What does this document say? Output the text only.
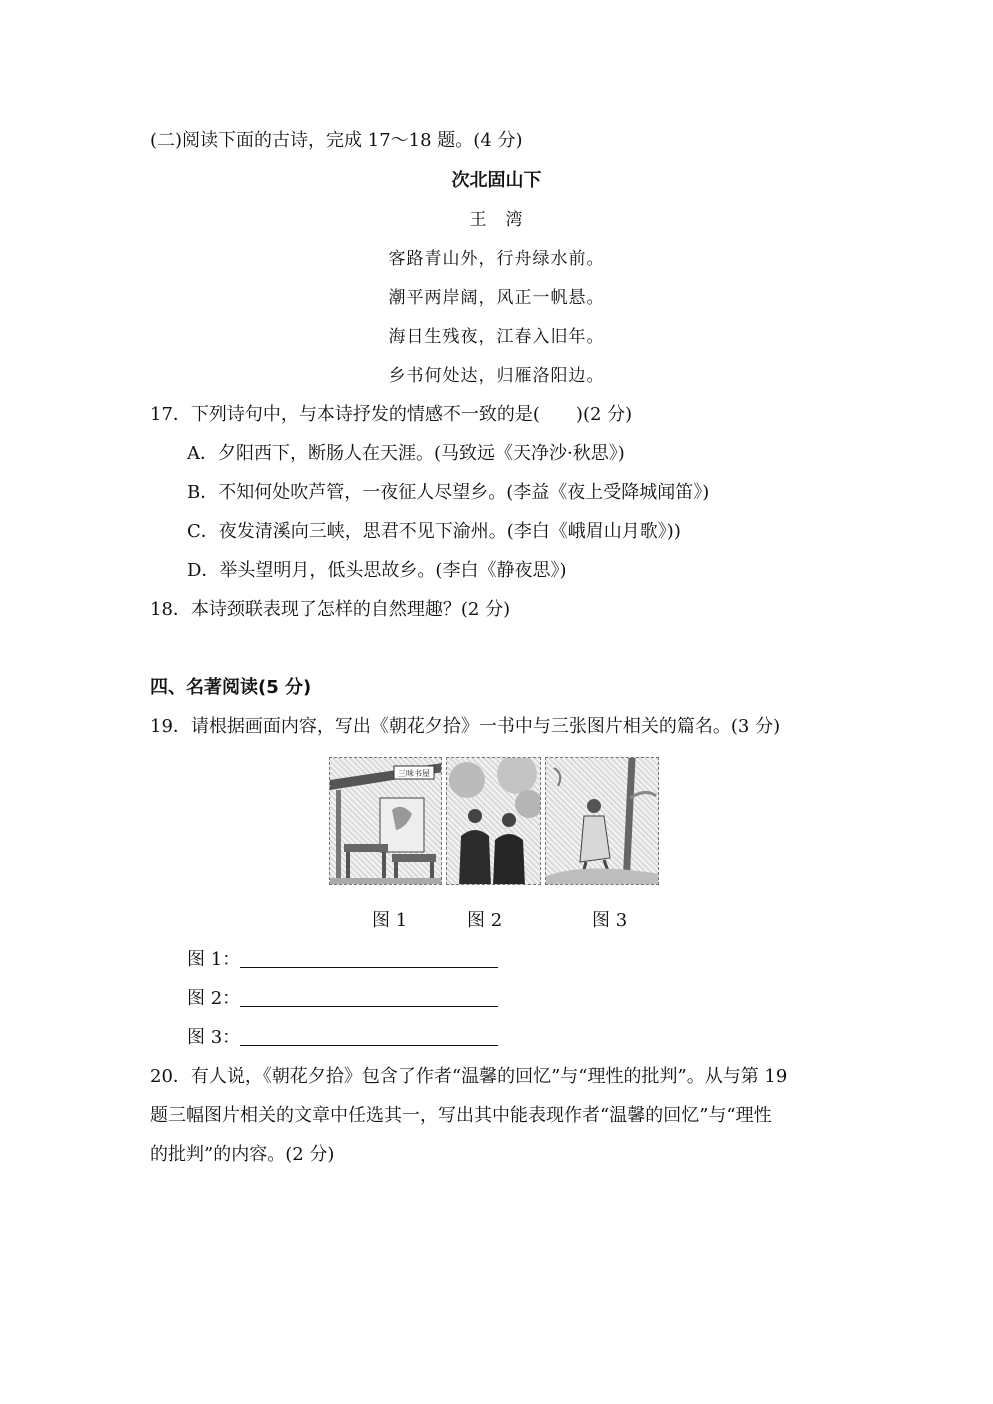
(二)阅读下面的古诗，完成 17～18 题。(4 分)
次北固山下
王　湾
客路青山外，行舟绿水前。
潮平两岸阔，风正一帆悬。
海日生残夜，江春入旧年。
乡书何处达，归雁洛阳边。
17．下列诗句中，与本诗抒发的情感不一致的是(　　)(2 分)
A．夕阳西下，断肠人在天涯。(马致远《天净沙·秋思》)
B．不知何处吹芦管，一夜征人尽望乡。(李益《夜上受降城闻笛》)
C．夜发清溪向三峡，思君不见下渝州。(李白《峨眉山月歌》))
D．举头望明月，低头思故乡。(李白《静夜思》)
18．本诗颈联表现了怎样的自然理趣？(2 分)
四、名著阅读(5 分)
19．请根据画面内容，写出《朝花夕拾》一书中与三张图片相关的篇名。(3 分)
三味书屋
图 1	图 2	图 3
图 1：
图 2：
图 3：
20．有人说，《朝花夕拾》包含了作者“温馨的回忆”与“理性的批判”。从与第 19
题三幅图片相关的文章中任选其一，写出其中能表现作者“温馨的回忆”与“理性
的批判”的内容。(2 分)
